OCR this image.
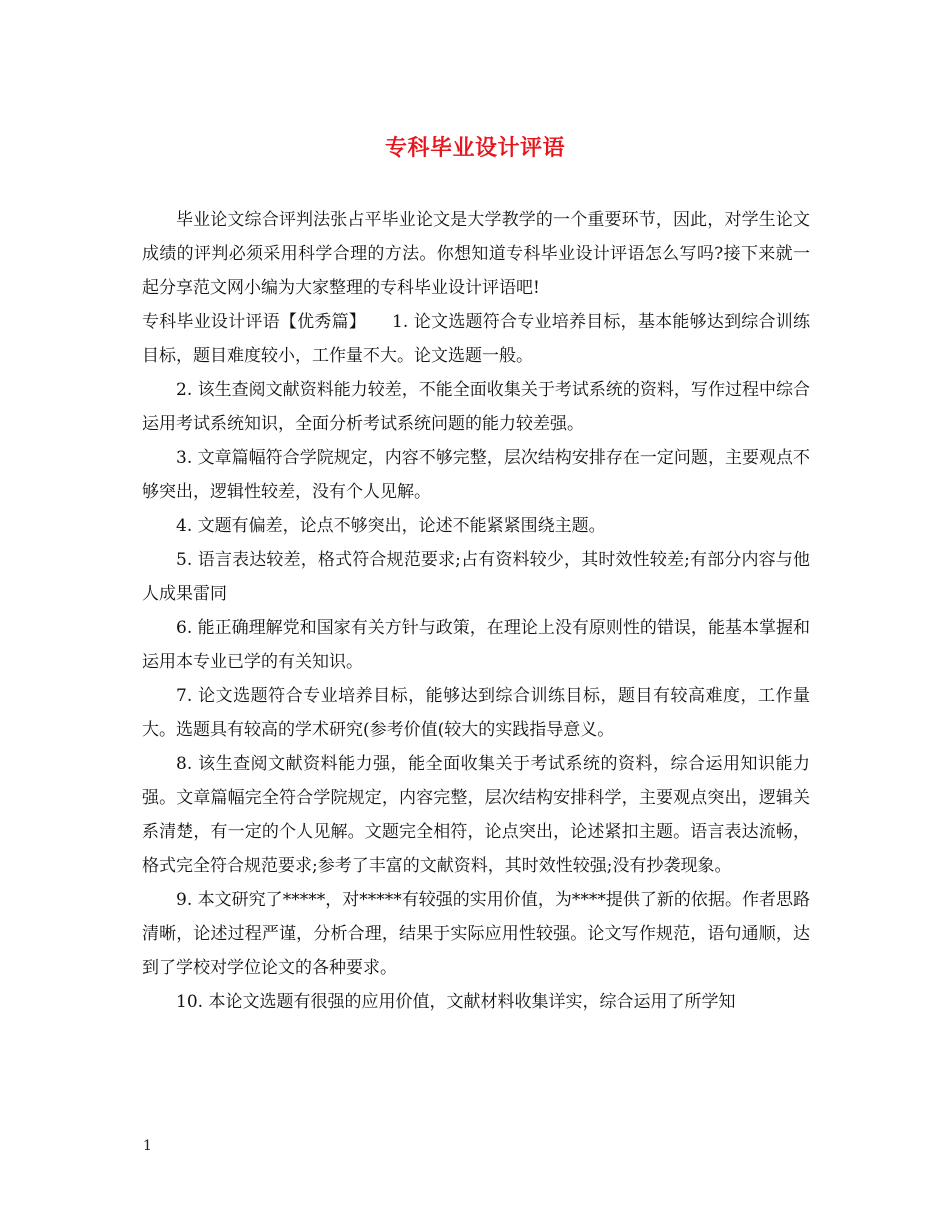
专科毕业设计评语

毕业论文综合评判法张占平毕业论文是大学教学的一个重要环节，因此，对学生论文成绩的评判必须采用科学合理的方法。你想知道专科毕业设计评语怎么写吗?接下来就一起分享范文网小编为大家整理的专科毕业设计评语吧!

专科毕业设计评语【优秀篇】　　1. 论文选题符合专业培养目标，基本能够达到综合训练目标，题目难度较小，工作量不大。论文选题一般。

2. 该生查阅文献资料能力较差，不能全面收集关于考试系统的资料，写作过程中综合运用考试系统知识，全面分析考试系统问题的能力较差强。

3. 文章篇幅符合学院规定，内容不够完整，层次结构安排存在一定问题，主要观点不够突出，逻辑性较差，没有个人见解。

4. 文题有偏差，论点不够突出，论述不能紧紧围绕主题。

5. 语言表达较差，格式符合规范要求;占有资料较少，其时效性较差;有部分内容与他人成果雷同

6. 能正确理解党和国家有关方针与政策，在理论上没有原则性的错误，能基本掌握和运用本专业已学的有关知识。

7. 论文选题符合专业培养目标，能够达到综合训练目标，题目有较高难度，工作量大。选题具有较高的学术研究(参考价值(较大的实践指导意义。

8. 该生查阅文献资料能力强，能全面收集关于考试系统的资料，综合运用知识能力强。文章篇幅完全符合学院规定，内容完整，层次结构安排科学，主要观点突出，逻辑关系清楚，有一定的个人见解。文题完全相符，论点突出，论述紧扣主题。语言表达流畅，格式完全符合规范要求;参考了丰富的文献资料，其时效性较强;没有抄袭现象。

9. 本文研究了*****，对*****有较强的实用价值，为****提供了新的依据。作者思路清晰，论述过程严谨，分析合理，结果于实际应用性较强。论文写作规范，语句通顺，达到了学校对学位论文的各种要求。

10. 本论文选题有很强的应用价值，文献材料收集详实，综合运用了所学知

1
